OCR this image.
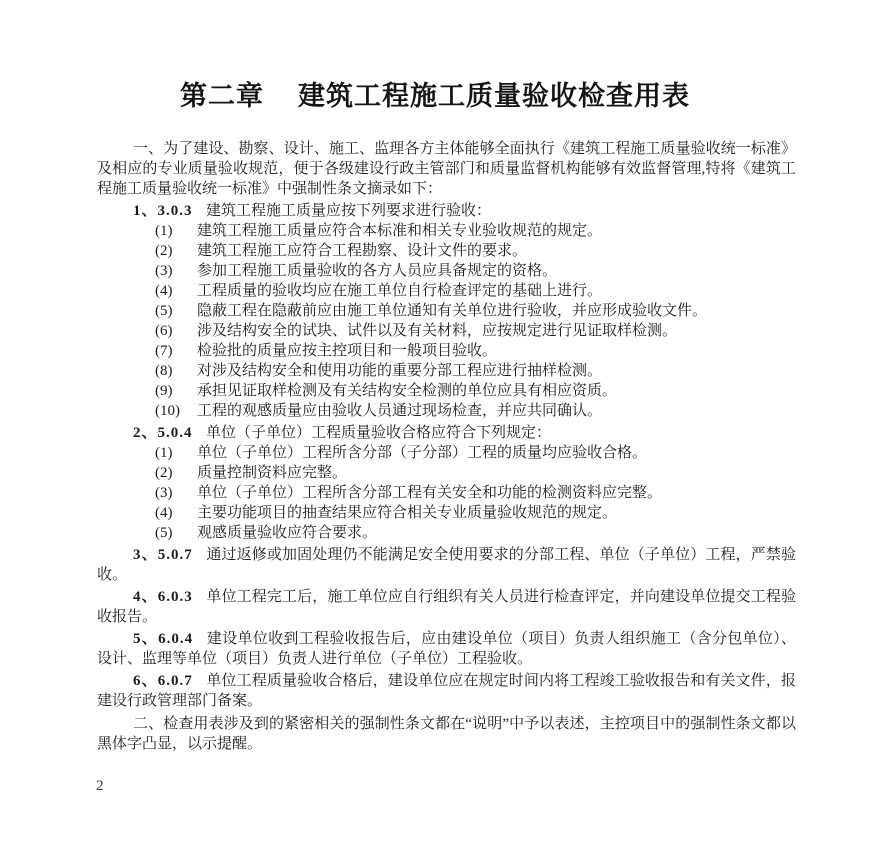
第二章 建筑工程施工质量验收检查用表

一、为了建设、勘察、设计、施工、监理各方主体能够全面执行《建筑工程施工质量验收统一标准》及相应的专业质量验收规范，便于各级建设行政主管部门和质量监督机构能够有效监督管理,特将《建筑工程施工质量验收统一标准》中强制性条文摘录如下：

1、3.0.3 建筑工程施工质量应按下列要求进行验收：

(1) 建筑工程施工质量应符合本标准和相关专业验收规范的规定。
(2) 建筑工程施工应符合工程勘察、设计文件的要求。
(3) 参加工程施工质量验收的各方人员应具备规定的资格。
(4) 工程质量的验收均应在施工单位自行检查评定的基础上进行。
(5) 隐蔽工程在隐蔽前应由施工单位通知有关单位进行验收，并应形成验收文件。
(6) 涉及结构安全的试块、试件以及有关材料，应按规定进行见证取样检测。
(7) 检验批的质量应按主控项目和一般项目验收。
(8) 对涉及结构安全和使用功能的重要分部工程应进行抽样检测。
(9) 承担见证取样检测及有关结构安全检测的单位应具有相应资质。
(10) 工程的观感质量应由验收人员通过现场检查，并应共同确认。

2、5.0.4 单位（子单位）工程质量验收合格应符合下列规定：

(1) 单位（子单位）工程所含分部（子分部）工程的质量均应验收合格。
(2) 质量控制资料应完整。
(3) 单位（子单位）工程所含分部工程有关安全和功能的检测资料应完整。
(4) 主要功能项目的抽查结果应符合相关专业质量验收规范的规定。
(5) 观感质量验收应符合要求。

3、5.0.7 通过返修或加固处理仍不能满足安全使用要求的分部工程、单位（子单位）工程，严禁验收。

4、6.0.3 单位工程完工后，施工单位应自行组织有关人员进行检查评定，并向建设单位提交工程验收报告。

5、6.0.4 建设单位收到工程验收报告后，应由建设单位（项目）负责人组织施工（含分包单位）、设计、监理等单位（项目）负责人进行单位（子单位）工程验收。

6、6.0.7 单位工程质量验收合格后，建设单位应在规定时间内将工程竣工验收报告和有关文件，报建设行政管理部门备案。

二、检查用表涉及到的紧密相关的强制性条文都在“说明”中予以表述，主控项目中的强制性条文都以黑体字凸显，以示提醒。

2
